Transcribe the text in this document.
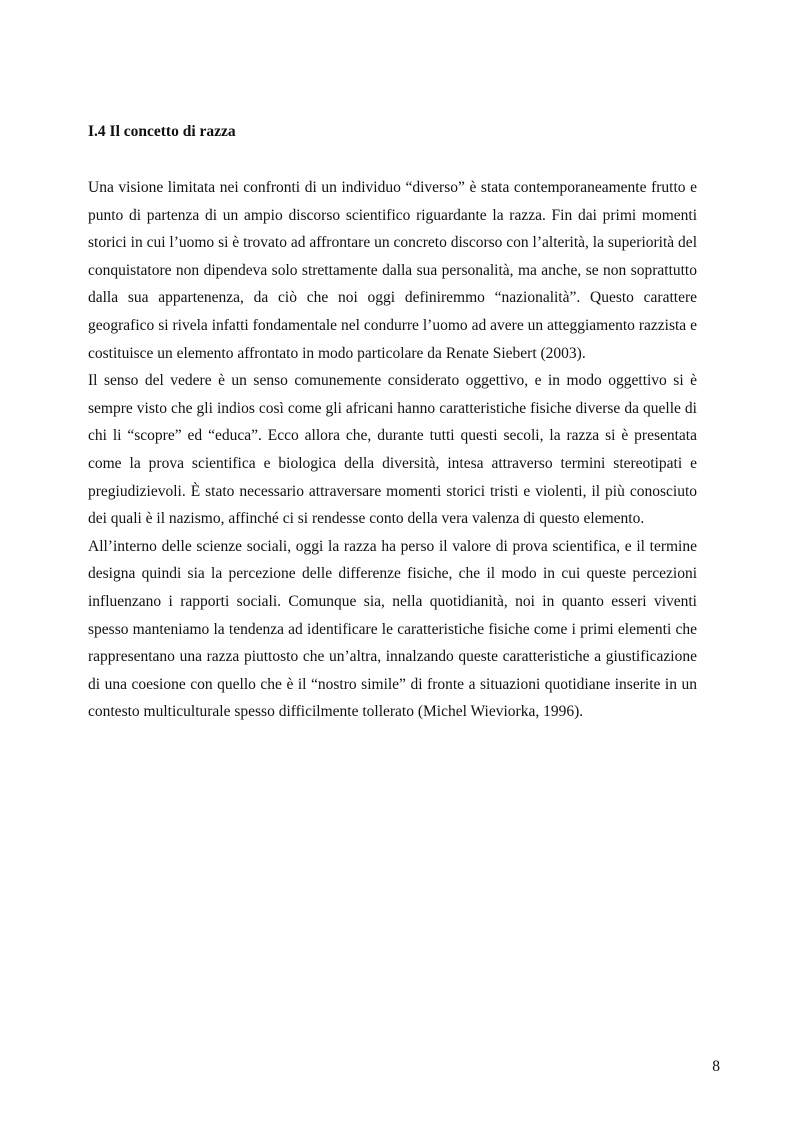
I.4 Il concetto di razza

Una visione limitata nei confronti di un individuo “diverso” è stata contemporaneamente frutto e punto di partenza di un ampio discorso scientifico riguardante la razza. Fin dai primi momenti storici in cui l’uomo si è trovato ad affrontare un concreto discorso con l’alterità, la superiorità del conquistatore non dipendeva solo strettamente dalla sua personalità, ma anche, se non soprattutto dalla sua appartenenza, da ciò che noi oggi definiremmo “nazionalità”. Questo carattere geografico si rivela infatti fondamentale nel condurre l’uomo ad avere un atteggiamento razzista e costituisce un elemento affrontato in modo particolare da Renate Siebert (2003).

Il senso del vedere è un senso comunemente considerato oggettivo, e in modo oggettivo si è sempre visto che gli indios così come gli africani hanno caratteristiche fisiche diverse da quelle di chi li “scopre” ed “educa”. Ecco allora che, durante tutti questi secoli, la razza si è presentata come la prova scientifica e biologica della diversità, intesa attraverso termini stereotipati e pregiudizievoli. È stato necessario attraversare momenti storici tristi e violenti, il più conosciuto dei quali è il nazismo, affinché ci si rendesse conto della vera valenza di questo elemento.

All’interno delle scienze sociali, oggi la razza ha perso il valore di prova scientifica, e il termine designa quindi sia la percezione delle differenze fisiche, che il modo in cui queste percezioni influenzano i rapporti sociali. Comunque sia, nella quotidianità, noi in quanto esseri viventi spesso manteniamo la tendenza ad identificare le caratteristiche fisiche come i primi elementi che rappresentano una razza piuttosto che un’altra, innalzando queste caratteristiche a giustificazione di una coesione con quello che è il “nostro simile” di fronte a situazioni quotidiane inserite in un contesto multiculturale spesso difficilmente tollerato (Michel Wieviorka, 1996).

8
